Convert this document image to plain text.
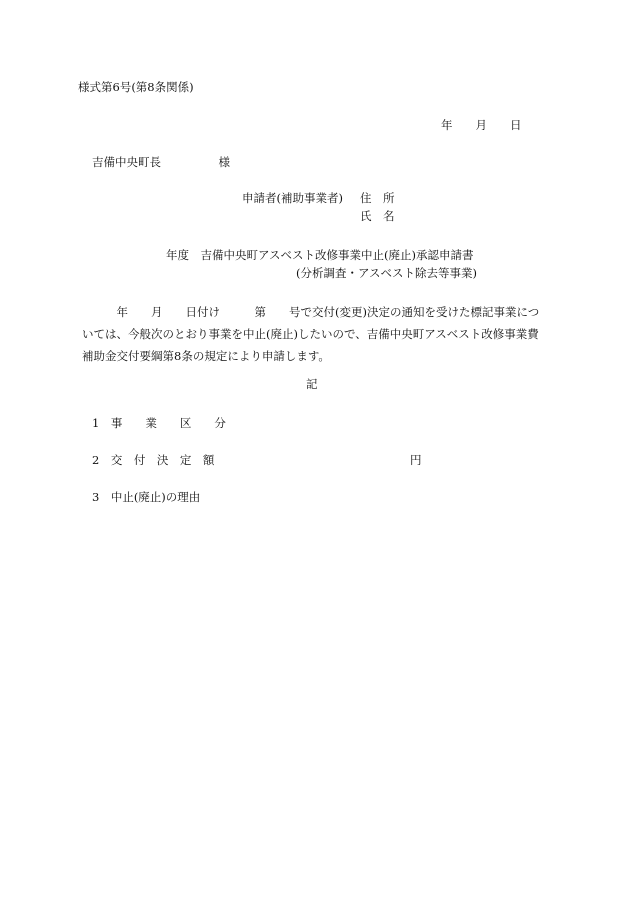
様式第6号(第8条関係)
年　　月　　日
吉備中央町長　　　　　様
申請者(補助事業者) 住　所
氏　名
年度　吉備中央町アスベスト改修事業中止(廃止)承認申請書
(分析調査・アスベスト除去等事業)
　　　年　　月　　日付け　　　第　　号で交付(変更)決定の通知を受けた標記事業につ
いては、今般次のとおり事業を中止(廃止)したいので、吉備中央町アスベスト改修事業費
補助金交付要綱第8条の規定により申請します。
記
1　事　　業　　区　　分
2　交　付　決　定　額	円
3　中止(廃止)の理由
